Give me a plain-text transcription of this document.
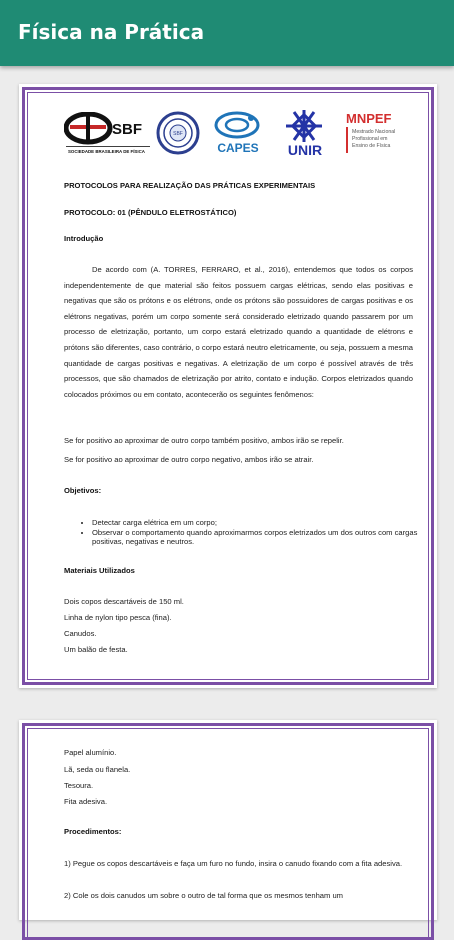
Física na Prática
SBF
SOCIEDADE BRASILEIRA DE FÍSICA
SBF
CAPES UNIR
MNPEF
Mestrado Nacional
Profissional em
Ensino de Física
PROTOCOLOS PARA REALIZAÇÃO DAS PRÁTICAS EXPERIMENTAIS
PROTOCOLO: 01 (PÊNDULO ELETROSTÁTICO)
Introdução
De acordo com (A. TORRES, FERRARO, et al., 2016), entendemos que todos os corpos independentemente de que material são feitos possuem cargas elétricas, sendo elas positivas e negativas que são os prótons e os elétrons, onde os prótons são possuidores de cargas positivas e os elétrons negativas, porém um corpo somente será considerado eletrizado quando passarem por um processo de eletrização, portanto, um corpo estará eletrizado quando a quantidade de elétrons e prótons são diferentes, caso contrário, o corpo estará neutro eletricamente, ou seja, possuem a mesma quantidade de cargas positivas e negativas. A eletrização de um corpo é possível através de três processos, que são chamados de eletrização por atrito, contato e indução. Corpos eletrizados quando colocados próximos ou em contato, acontecerão os seguintes fenômenos:
Se for positivo ao aproximar de outro corpo também positivo, ambos irão se repelir.
Se for positivo ao aproximar de outro corpo negativo, ambos irão se atrair.
Objetivos:
• Detectar carga elétrica em um corpo;
• Observar o comportamento quando aproximarmos corpos eletrizados um dos outros com cargas positivas, negativas e neutros.
Materiais Utilizados
Dois copos descartáveis de 150 ml.
Linha de nylon tipo pesca (fina).
Canudos.
Um balão de festa.
Papel alumínio.
Lã, seda ou flanela.
Tesoura.
Fita adesiva.
Procedimentos:
1) Pegue os copos descartáveis e faça um furo no fundo, insira o canudo fixando com a fita adesiva.
2) Cole os dois canudos um sobre o outro de tal forma que os mesmos tenham um
